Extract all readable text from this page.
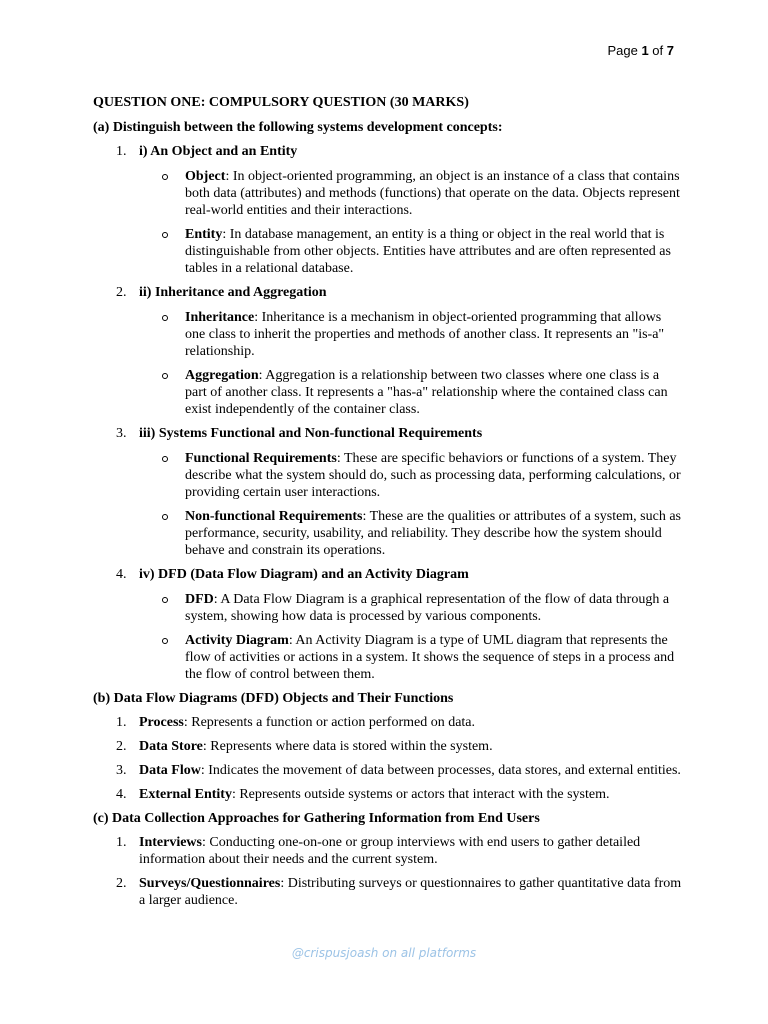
Page 1 of 7
QUESTION ONE: COMPULSORY QUESTION (30 MARKS)
(a) Distinguish between the following systems development concepts:
1. i) An Object and an Entity
Object: In object-oriented programming, an object is an instance of a class that contains both data (attributes) and methods (functions) that operate on the data. Objects represent real-world entities and their interactions.
Entity: In database management, an entity is a thing or object in the real world that is distinguishable from other objects. Entities have attributes and are often represented as tables in a relational database.
2. ii) Inheritance and Aggregation
Inheritance: Inheritance is a mechanism in object-oriented programming that allows one class to inherit the properties and methods of another class. It represents an "is-a" relationship.
Aggregation: Aggregation is a relationship between two classes where one class is a part of another class. It represents a "has-a" relationship where the contained class can exist independently of the container class.
3. iii) Systems Functional and Non-functional Requirements
Functional Requirements: These are specific behaviors or functions of a system. They describe what the system should do, such as processing data, performing calculations, or providing certain user interactions.
Non-functional Requirements: These are the qualities or attributes of a system, such as performance, security, usability, and reliability. They describe how the system should behave and constrain its operations.
4. iv) DFD (Data Flow Diagram) and an Activity Diagram
DFD: A Data Flow Diagram is a graphical representation of the flow of data through a system, showing how data is processed by various components.
Activity Diagram: An Activity Diagram is a type of UML diagram that represents the flow of activities or actions in a system. It shows the sequence of steps in a process and the flow of control between them.
(b) Data Flow Diagrams (DFD) Objects and Their Functions
1. Process: Represents a function or action performed on data.
2. Data Store: Represents where data is stored within the system.
3. Data Flow: Indicates the movement of data between processes, data stores, and external entities.
4. External Entity: Represents outside systems or actors that interact with the system.
(c) Data Collection Approaches for Gathering Information from End Users
1. Interviews: Conducting one-on-one or group interviews with end users to gather detailed information about their needs and the current system.
2. Surveys/Questionnaires: Distributing surveys or questionnaires to gather quantitative data from a larger audience.
@crispusjoash on all platforms
